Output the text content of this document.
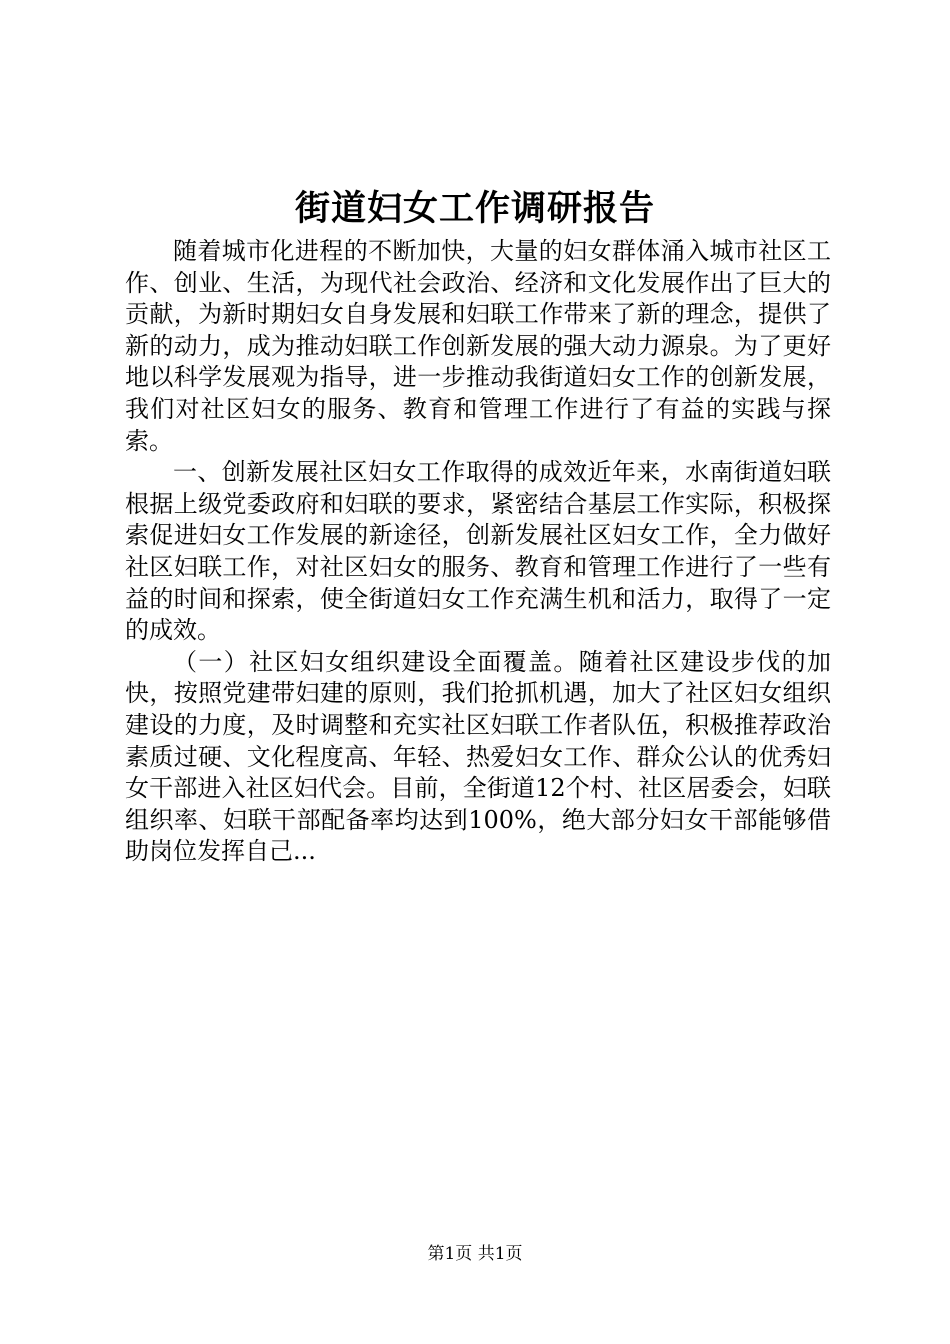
街道妇女工作调研报告

随着城市化进程的不断加快，大量的妇女群体涌入城市社区工作、创业、生活，为现代社会政治、经济和文化发展作出了巨大的贡献，为新时期妇女自身发展和妇联工作带来了新的理念，提供了新的动力，成为推动妇联工作创新发展的强大动力源泉。为了更好地以科学发展观为指导，进一步推动我街道妇女工作的创新发展，我们对社区妇女的服务、教育和管理工作进行了有益的实践与探索。

一、创新发展社区妇女工作取得的成效近年来，水南街道妇联根据上级党委政府和妇联的要求，紧密结合基层工作实际，积极探索促进妇女工作发展的新途径，创新发展社区妇女工作，全力做好社区妇联工作，对社区妇女的服务、教育和管理工作进行了一些有益的时间和探索，使全街道妇女工作充满生机和活力，取得了一定的成效。

（一）社区妇女组织建设全面覆盖。随着社区建设步伐的加快，按照党建带妇建的原则，我们抢抓机遇，加大了社区妇女组织建设的力度，及时调整和充实社区妇联工作者队伍，积极推荐政治素质过硬、文化程度高、年轻、热爱妇女工作、群众公认的优秀妇女干部进入社区妇代会。目前，全街道12个村、社区居委会，妇联组织率、妇联干部配备率均达到100%，绝大部分妇女干部能够借助岗位发挥自己...

第1页 共1页
